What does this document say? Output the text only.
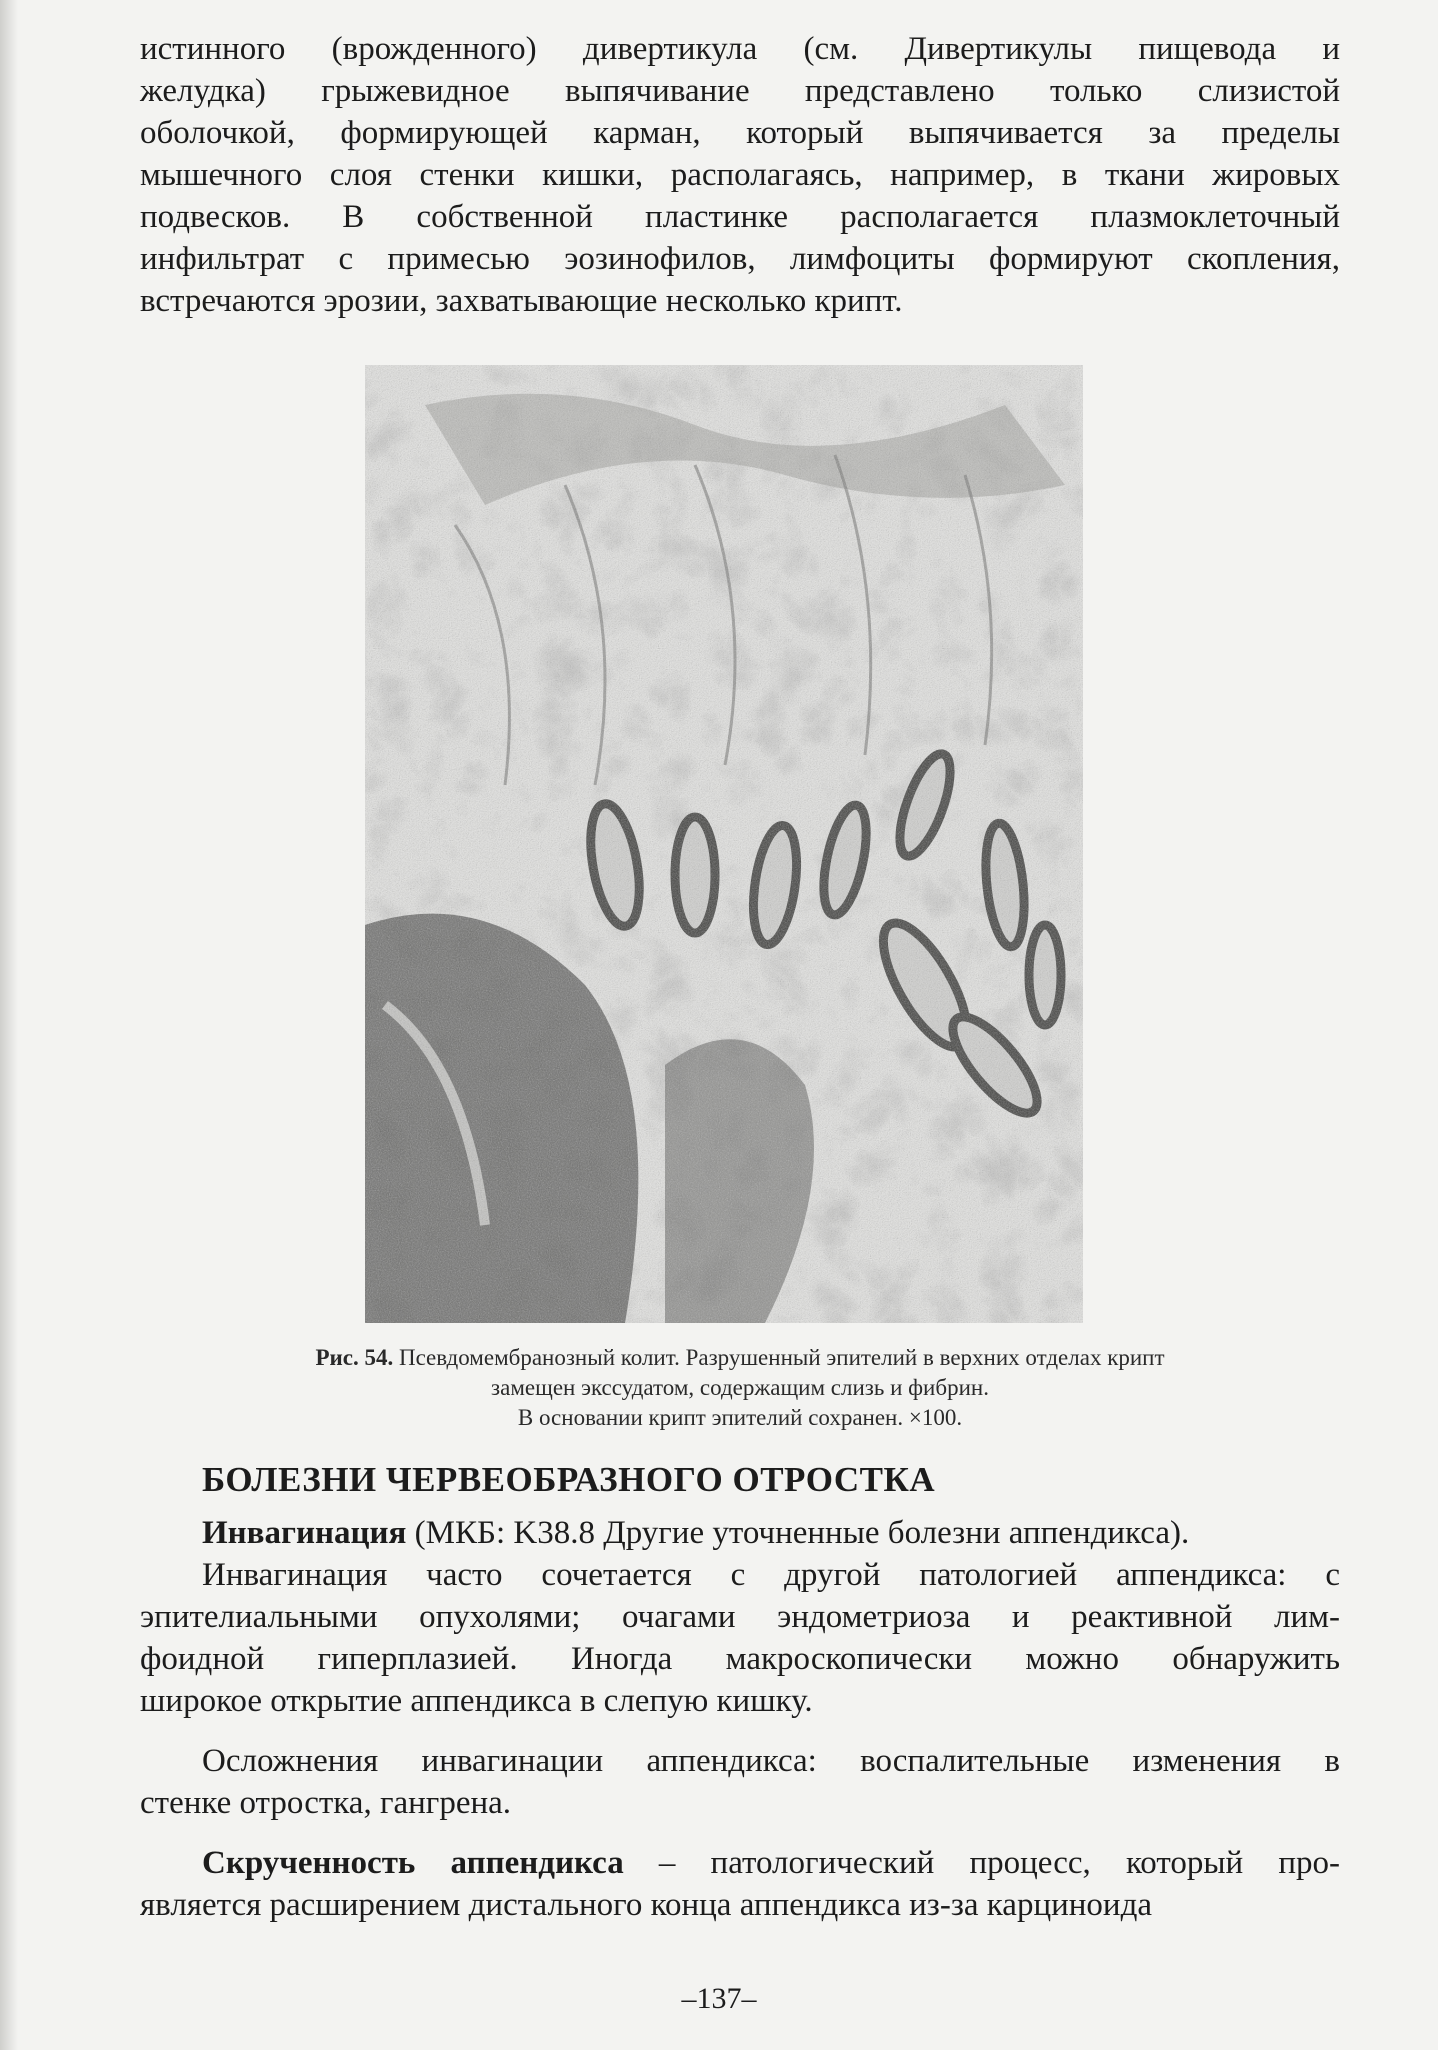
истинного (врожденного) дивертикула (см. Дивертикулы пищевода и
желудка) грыжевидное выпячивание представлено только слизистой
оболочкой, формирующей карман, который выпячивается за пределы
мышечного слоя стенки кишки, располагаясь, например, в ткани жировых
подвесков. В собственной пластинке располагается плазмоклеточный
инфильтрат с примесью эозинофилов, лимфоциты формируют скопления,
встречаются эрозии, захватывающие несколько крипт.
Рис. 54. Псевдомембранозный колит. Разрушенный эпителий в верхних отделах крипт
замещен экссудатом, содержащим слизь и фибрин.
В основании крипт эпителий сохранен. ×100.
БОЛЕЗНИ ЧЕРВЕОБРАЗНОГО ОТРОСТКА
Инвагинация (МКБ: K38.8 Другие уточненные болезни аппендикса).
Инвагинация часто сочетается с другой патологией аппендикса: с
эпителиальными опухолями; очагами эндометриоза и реактивной лим-
фоидной гиперплазией. Иногда макроскопически можно обнаружить
широкое открытие аппендикса в слепую кишку.
Осложнения инвагинации аппендикса: воспалительные изменения в
стенке отростка, гангрена.
Скрученность аппендикса – патологический процесс, который про-
является расширением дистального конца аппендикса из-за карциноида
–137–
